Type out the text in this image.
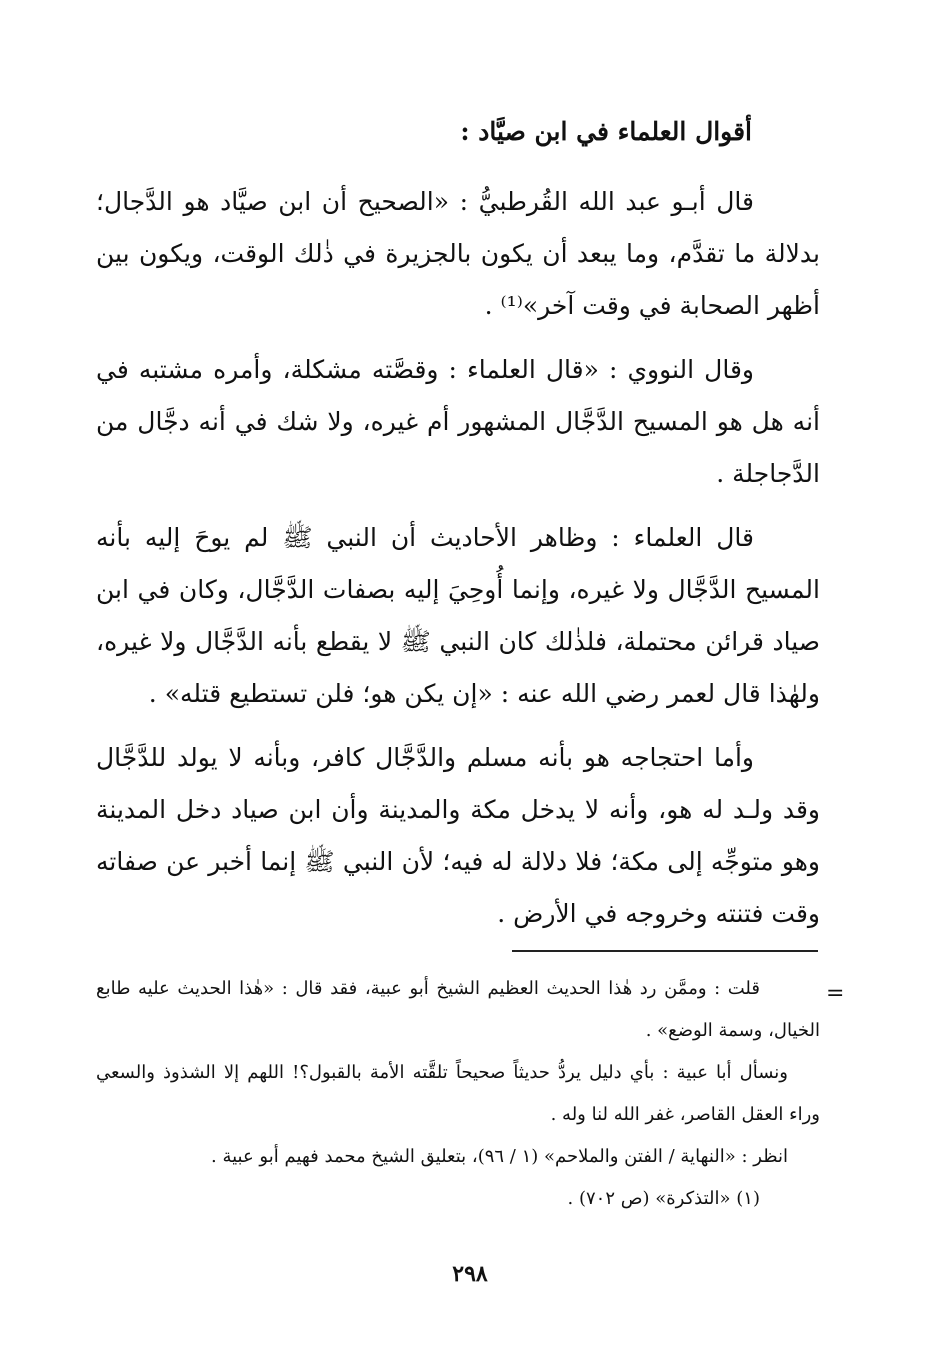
أقوال العلماء في ابن صيَّاد :

قال أبـو عبد الله القُرطبيُّ : «الصحيح أن ابن صيَّاد هو الدَّجال؛ بدلالة ما تقدَّم، وما يبعد أن يكون بالجزيرة في ذٰلك الوقت، ويكون بين أظهر الصحابة في وقت آخر»⁽¹⁾ .

وقال النووي : «قال العلماء : وقصَّته مشكلة، وأمره مشتبه في أنه هل هو المسيح الدَّجَّال المشهور أم غيره، ولا شك في أنه دجَّال من الدَّجاجلة .

قال العلماء : وظاهر الأحاديث أن النبي ﷺ لم يوحَ إليه بأنه المسيح الدَّجَّال ولا غيره، وإنما أُوحِيَ إليه بصفات الدَّجَّال، وكان في ابن صياد قرائن محتملة، فلذٰلك كان النبي ﷺ لا يقطع بأنه الدَّجَّال ولا غيره، ولهٰذا قال لعمر رضي الله عنه : «إن يكن هو؛ فلن تستطيع قتله» .

وأما احتجاجه هو بأنه مسلم والدَّجَّال كافر، وبأنه لا يولد للدَّجَّال وقد ولـد له هو، وأنه لا يدخل مكة والمدينة وأن ابن صياد دخل المدينة وهو متوجِّه إلى مكة؛ فلا دلالة له فيه؛ لأن النبي ﷺ إنما أخبر عن صفاته وقت فتنته وخروجه في الأرض .

=

قلت : وممَّن رد هٰذا الحديث العظيم الشيخ أبو عبية، فقد قال : «هٰذا الحديث عليه طابع الخيال، وسمة الوضع» .

ونسأل أبا عبية : بأي دليل يردُّ حديثاً صحيحاً تلقَّته الأمة بالقبول؟! اللهم إلا الشذوذ والسعي وراء العقل القاصر، غفر الله لنا وله .

انظر : «النهاية / الفتن والملاحم» (١ / ٩٦)، بتعليق الشيخ محمد فهيم أبو عبية .

(١) «التذكرة» (ص ٧٠٢) .

٢٩٨
